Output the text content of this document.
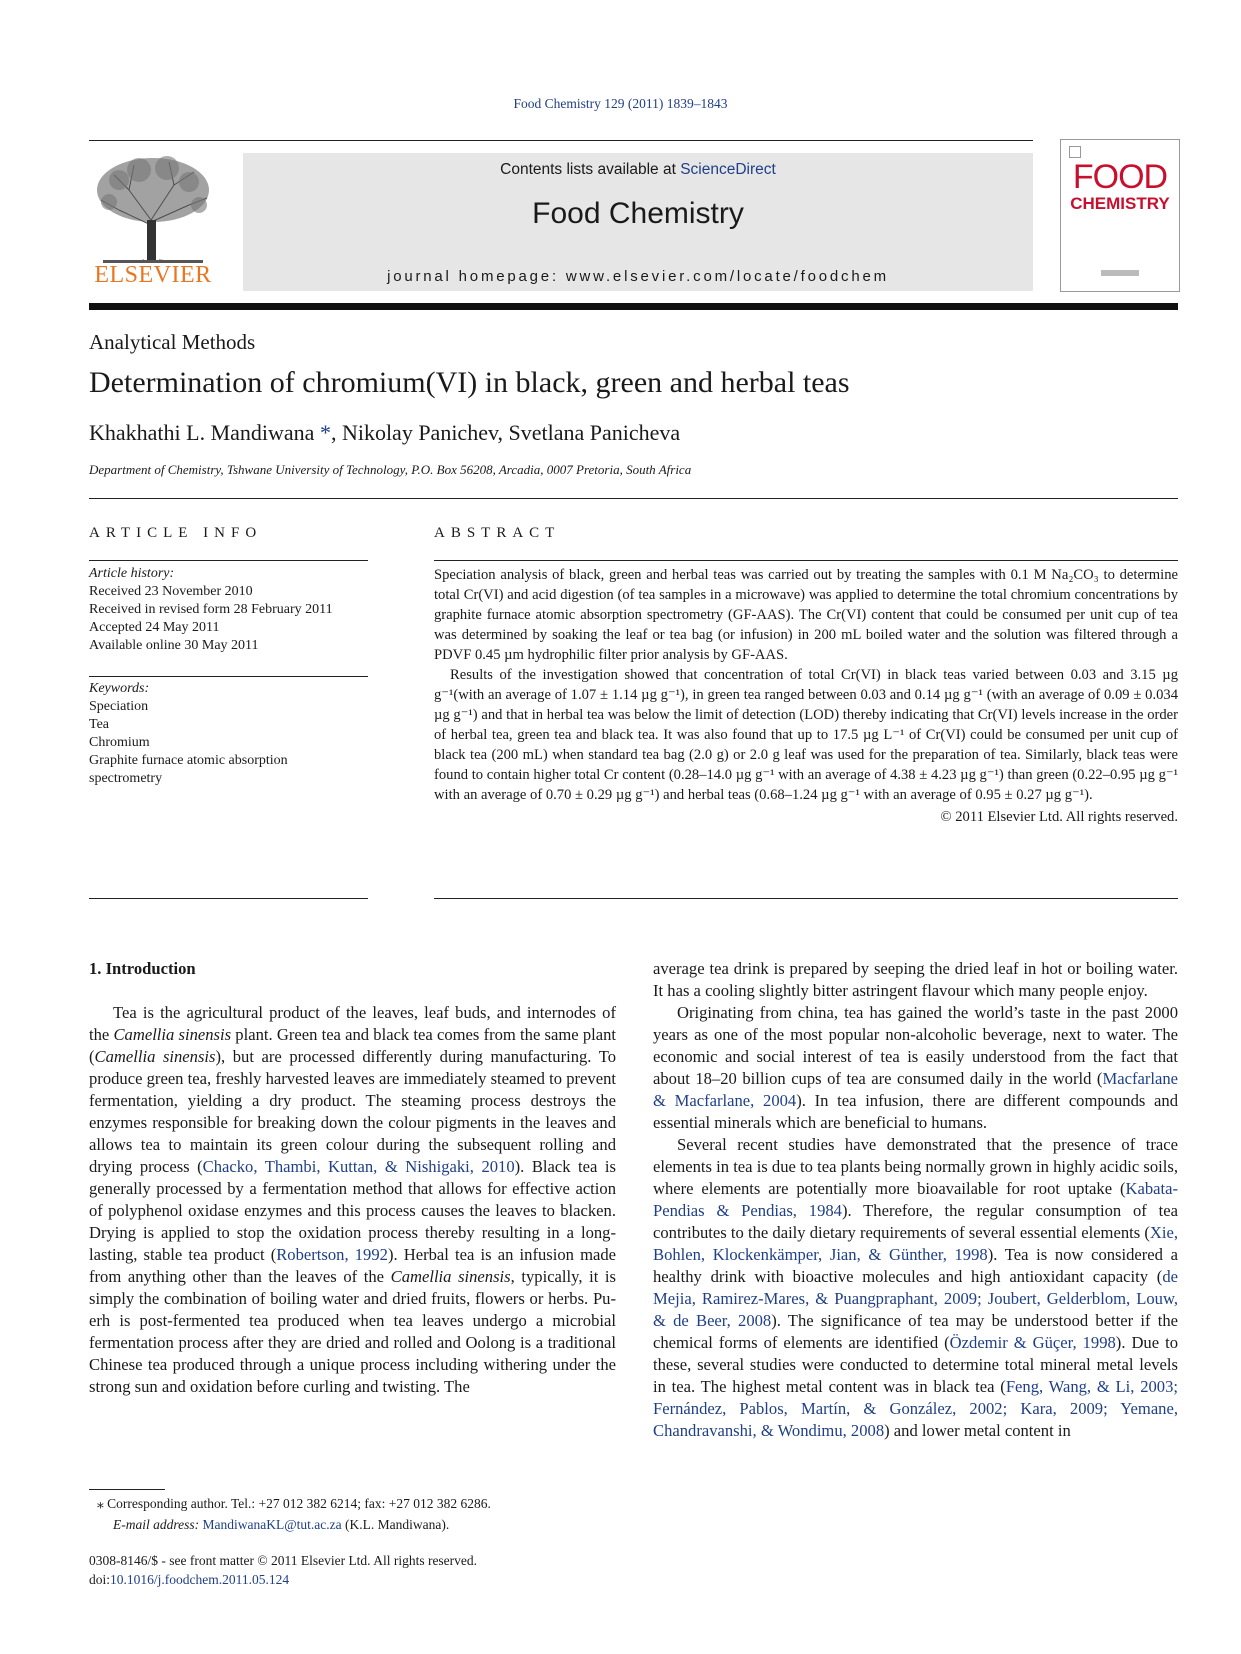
Food Chemistry 129 (2011) 1839–1843
ELSEVIER
Contents lists available at ScienceDirect
Food Chemistry
journal homepage: www.elsevier.com/locate/foodchem
FOOD
CHEMISTRY
Analytical Methods
Determination of chromium(VI) in black, green and herbal teas
Khakhathi L. Mandiwana *, Nikolay Panichev, Svetlana Panicheva
Department of Chemistry, Tshwane University of Technology, P.O. Box 56208, Arcadia, 0007 Pretoria, South Africa
ARTICLE INFO	ABSTRACT
Article history:
Received 23 November 2010
Received in revised form 28 February 2011
Accepted 24 May 2011
Available online 30 May 2011
Keywords:
Speciation
Tea
Chromium
Graphite furnace atomic absorption
spectrometry

Speciation analysis of black, green and herbal teas was carried out by treating the samples with 0.1 M Na₂CO₃ to determine total Cr(VI) and acid digestion (of tea samples in a microwave) was applied to determine the total chromium concentrations by graphite furnace atomic absorption spectrometry (GF-AAS). The Cr(VI) content that could be consumed per unit cup of tea was determined by soaking the leaf or tea bag (or infusion) in 200 mL boiled water and the solution was filtered through a PDVF 0.45 µm hydrophilic filter prior analysis by GF-AAS.

Results of the investigation showed that concentration of total Cr(VI) in black teas varied between 0.03 and 3.15 µg g⁻¹(with an average of 1.07 ± 1.14 µg g⁻¹), in green tea ranged between 0.03 and 0.14 µg g⁻¹ (with an average of 0.09 ± 0.034 µg g⁻¹) and that in herbal tea was below the limit of detection (LOD) thereby indicating that Cr(VI) levels increase in the order of herbal tea, green tea and black tea. It was also found that up to 17.5 µg L⁻¹ of Cr(VI) could be consumed per unit cup of black tea (200 mL) when standard tea bag (2.0 g) or 2.0 g leaf was used for the preparation of tea. Similarly, black teas were found to contain higher total Cr content (0.28–14.0 µg g⁻¹ with an average of 4.38 ± 4.23 µg g⁻¹) than green (0.22–0.95 µg g⁻¹ with an average of 0.70 ± 0.29 µg g⁻¹) and herbal teas (0.68–1.24 µg g⁻¹ with an average of 0.95 ± 0.27 µg g⁻¹).

© 2011 Elsevier Ltd. All rights reserved.

1. Introduction

Tea is the agricultural product of the leaves, leaf buds, and internodes of the Camellia sinensis plant. Green tea and black tea comes from the same plant (Camellia sinensis), but are processed differently during manufacturing. To produce green tea, freshly harvested leaves are immediately steamed to prevent fermentation, yielding a dry product. The steaming process destroys the enzymes responsible for breaking down the colour pigments in the leaves and allows tea to maintain its green colour during the subsequent rolling and drying process (Chacko, Thambi, Kuttan, & Nishigaki, 2010). Black tea is generally processed by a fermentation method that allows for effective action of polyphenol oxidase enzymes and this process causes the leaves to blacken. Drying is applied to stop the oxidation process thereby resulting in a long-lasting, stable tea product (Robertson, 1992). Herbal tea is an infusion made from anything other than the leaves of the Camellia sinensis, typically, it is simply the combination of boiling water and dried fruits, flowers or herbs. Pu-erh is post-fermented tea produced when tea leaves undergo a microbial fermentation process after they are dried and rolled and Oolong is a traditional Chinese tea produced through a unique process including withering under the strong sun and oxidation before curling and twisting. The

average tea drink is prepared by seeping the dried leaf in hot or boiling water. It has a cooling slightly bitter astringent flavour which many people enjoy.

Originating from china, tea has gained the world’s taste in the past 2000 years as one of the most popular non-alcoholic beverage, next to water. The economic and social interest of tea is easily understood from the fact that about 18–20 billion cups of tea are consumed daily in the world (Macfarlane & Macfarlane, 2004). In tea infusion, there are different compounds and essential minerals which are beneficial to humans.

Several recent studies have demonstrated that the presence of trace elements in tea is due to tea plants being normally grown in highly acidic soils, where elements are potentially more bioavailable for root uptake (Kabata-Pendias & Pendias, 1984). Therefore, the regular consumption of tea contributes to the daily dietary requirements of several essential elements (Xie, Bohlen, Klockenkämper, Jian, & Günther, 1998). Tea is now considered a healthy drink with bioactive molecules and high antioxidant capacity (de Mejia, Ramirez-Mares, & Puangpraphant, 2009; Joubert, Gelderblom, Louw, & de Beer, 2008). The significance of tea may be understood better if the chemical forms of elements are identified (Özdemir & Güçer, 1998). Due to these, several studies were conducted to determine total mineral metal levels in tea. The highest metal content was in black tea (Feng, Wang, & Li, 2003; Fernández, Pablos, Martín, & González, 2002; Kara, 2009; Yemane, Chandravanshi, & Wondimu, 2008) and lower metal content in

⁎ Corresponding author. Tel.: +27 012 382 6214; fax: +27 012 382 6286.

E-mail address: MandiwanaKL@tut.ac.za (K.L. Mandiwana).

0308-8146/$ - see front matter © 2011 Elsevier Ltd. All rights reserved.

doi:10.1016/j.foodchem.2011.05.124
